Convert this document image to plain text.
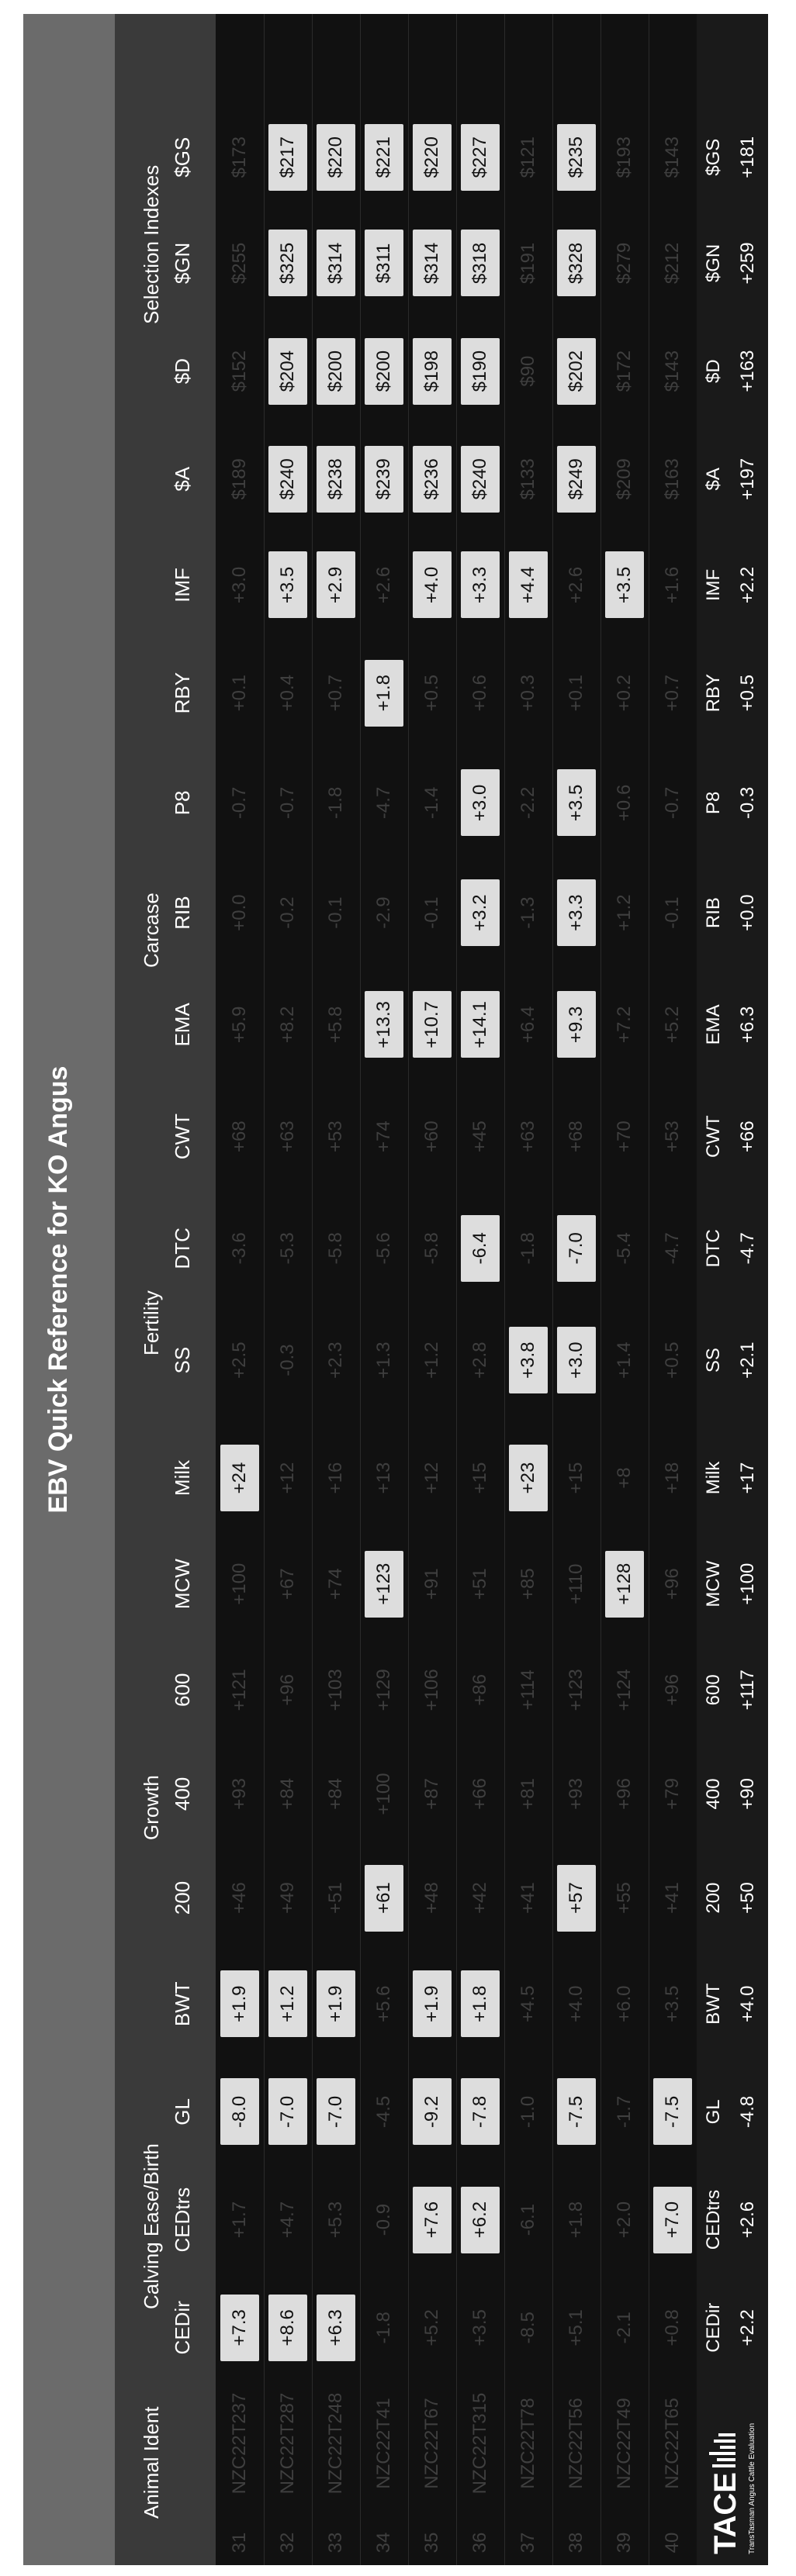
EBV Quick Reference for KO Angus
Animal Ident
Calving Ease/Birth
Growth
Fertility
Carcase
Selection Indexes
CEDir
CEDtrs
GL
BWT
200
400
600
MCW
Milk
SS
DTC
CWT
EMA
RIB
P8
RBY
IMF
$A
$D
$GN
$GS
31
NZC22T237
+7.3
+1.7
-8.0
+1.9
+46
+93
+121
+100
+24
+2.5
-3.6
+68
+5.9
+0.0
-0.7
+0.1
+3.0
$189
$152
$255
$173
32
NZC22T287
+8.6
+4.7
-7.0
+1.2
+49
+84
+96
+67
+12
-0.3
-5.3
+63
+8.2
-0.2
-0.7
+0.4
+3.5
$240
$204
$325
$217
33
NZC22T248
+6.3
+5.3
-7.0
+1.9
+51
+84
+103
+74
+16
+2.3
-5.8
+53
+5.8
-0.1
-1.8
+0.7
+2.9
$238
$200
$314
$220
34
NZC22T41
-1.8
-0.9
-4.5
+5.6
+61
+100
+129
+123
+13
+1.3
-5.6
+74
+13.3
-2.9
-4.7
+1.8
+2.6
$239
$200
$311
$221
35
NZC22T67
+5.2
+7.6
-9.2
+1.9
+48
+87
+106
+91
+12
+1.2
-5.8
+60
+10.7
-0.1
-1.4
+0.5
+4.0
$236
$198
$314
$220
36
NZC22T315
+3.5
+6.2
-7.8
+1.8
+42
+66
+86
+51
+15
+2.8
-6.4
+45
+14.1
+3.2
+3.0
+0.6
+3.3
$240
$190
$318
$227
37
NZC22T78
-8.5
-6.1
-1.0
+4.5
+41
+81
+114
+85
+23
+3.8
-1.8
+63
+6.4
-1.3
-2.2
+0.3
+4.4
$133
$90
$191
$121
38
NZC22T56
+5.1
+1.8
-7.5
+4.0
+57
+93
+123
+110
+15
+3.0
-7.0
+68
+9.3
+3.3
+3.5
+0.1
+2.6
$249
$202
$328
$235
39
NZC22T49
-2.1
+2.0
-1.7
+6.0
+55
+96
+124
+128
+8
+1.4
-5.4
+70
+7.2
+1.2
+0.6
+0.2
+3.5
$209
$172
$279
$193
40
NZC22T65
+0.8
+7.0
-7.5
+3.5
+41
+79
+96
+96
+18
+0.5
-4.7
+53
+5.2
-0.1
-0.7
+0.7
+1.6
$163
$143
$212
$143
TACE TransTasman Angus Cattle Evaluation
CEDir +2.2
CEDtrs +2.6
GL -4.8
BWT +4.0
200 +50
400 +90
600 +117
MCW +100
Milk +17
SS +2.1
DTC -4.7
CWT +66
EMA +6.3
RIB +0.0
P8 -0.3
RBY +0.5
IMF +2.2
$A +197
$D +163
$GN +259
$GS +181
